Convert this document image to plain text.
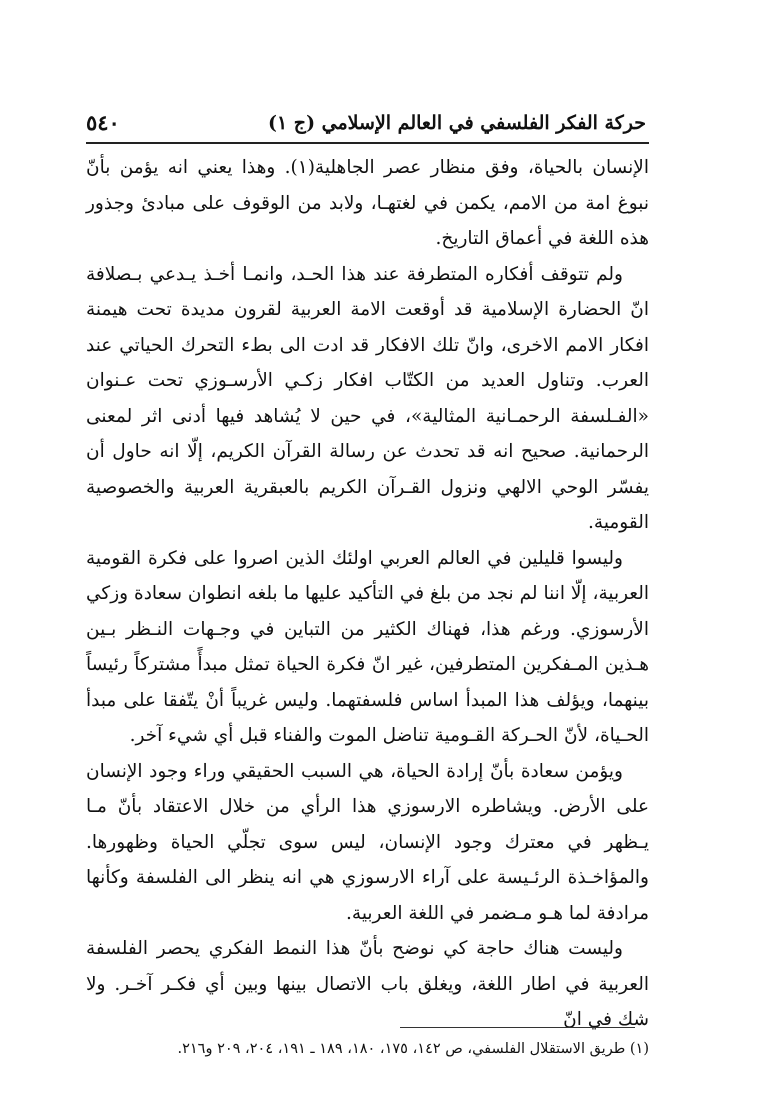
٥٤٠	حركة الفكر الفلسفي في العالم الإسلامي (ج ١)

الإنسان بالحياة، وفق منظار عصر الجاهلية(١). وهذا يعني انه يؤمن بأنّ نبوغ امة من الامم، يكمن في لغتهـا، ولابد من الوقوف على مبادئ وجذور هذه اللغة في أعماق التاريخ.

ولم تتوقف أفكاره المتطرفة عند هذا الحـد، وانمـا أخـذ يـدعي بـصلافة انّ الحضارة الإسلامية قد أوقعت الامة العربية لقرون مديدة تحت هيمنة افكار الامم الاخرى، وانّ تلك الافكار قد ادت الى بطء التحرك الحياتي عند العرب. وتناول العديد من الكتّاب افكار زكـي الأرسـوزي تحت عـنوان «الفـلسفة الرحمـانية المثالية»، في حين لا يُشاهد فيها أدنى اثر لمعنى الرحمانية. صحيح انه قد تحدث عن رسالة القرآن الكريم، إلّا انه حاول أن يفسّر الوحي الالهي ونزول القـرآن الكريم بالعبقرية العربية والخصوصية القومية.

وليسوا قليلين في العالم العربي اولئك الذين اصروا على فكرة القومية العربية، إلّا اننا لم نجد من بلغ في التأكيد عليها ما بلغه انطوان سعادة وزكي الأرسوزي. ورغم هذا، فهناك الكثير من التباين في وجـهات النـظر بـين هـذين المـفكرين المتطرفين، غير انّ فكرة الحياة تمثل مبدأً مشتركاً رئيساً بينهما، ويؤلف هذا المبدأ اساس فلسفتهما. وليس غريباً أنْ يتّفقا على مبدأ الحـياة، لأنّ الحـركة القـومية تناضل الموت والفناء قبل أي شيء آخر.

ويؤمن سعادة بأنّ إرادة الحياة، هي السبب الحقيقي وراء وجود الإنسان على الأرض. ويشاطره الارسوزي هذا الرأي من خلال الاعتقاد بأنّ مـا يـظهر في معترك وجود الإنسان، ليس سوى تجلّي الحياة وظهورها. والمؤاخـذة الرئـيسة على آراء الارسوزي هي انه ينظر الى الفلسفة وكأنها مرادفة لما هـو مـضمر في اللغة العربية.

وليست هناك حاجة كي نوضح بأنّ هذا النمط الفكري يحصر الفلسفة العربية في اطار اللغة، ويغلق باب الاتصال بينها وبين أي فكـر آخـر. ولا شك في انّ

(١) طريق الاستقلال الفلسفي، ص ١٤٢، ١٧٥، ١٨٠، ١٨٩ ـ ١٩١، ٢٠٤، ٢٠٩ و٢١٦.
